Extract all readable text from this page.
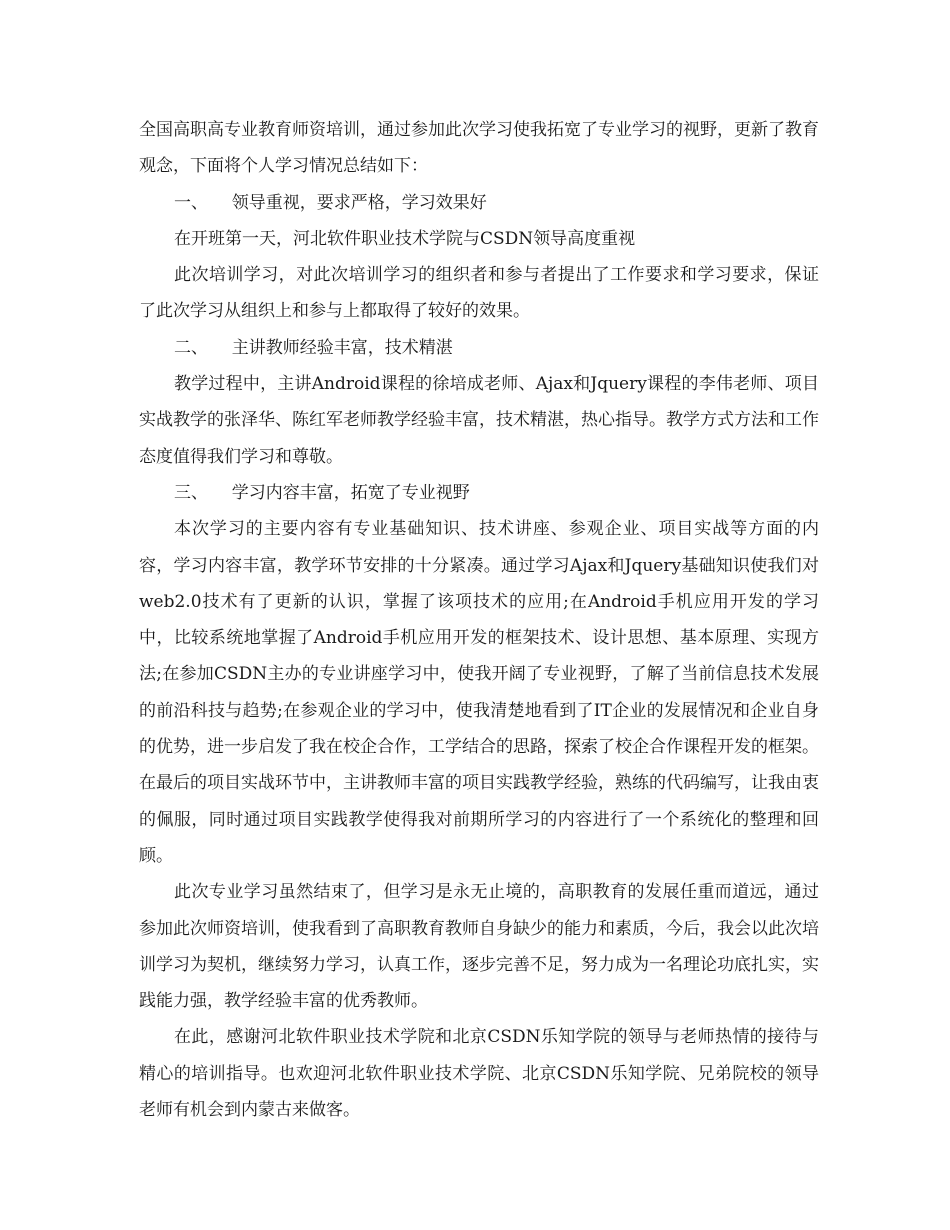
全国高职高专业教育师资培训，通过参加此次学习使我拓宽了专业学习的视野，更新了教育观念，下面将个人学习情况总结如下：

一、 领导重视，要求严格，学习效果好

在开班第一天，河北软件职业技术学院与CSDN领导高度重视

此次培训学习，对此次培训学习的组织者和参与者提出了工作要求和学习要求，保证了此次学习从组织上和参与上都取得了较好的效果。

二、 主讲教师经验丰富，技术精湛

教学过程中，主讲Android课程的徐培成老师、Ajax和Jquery课程的李伟老师、项目实战教学的张泽华、陈红军老师教学经验丰富，技术精湛，热心指导。教学方式方法和工作态度值得我们学习和尊敬。

三、 学习内容丰富，拓宽了专业视野

本次学习的主要内容有专业基础知识、技术讲座、参观企业、项目实战等方面的内容，学习内容丰富，教学环节安排的十分紧凑。通过学习Ajax和Jquery基础知识使我们对web2.0技术有了更新的认识，掌握了该项技术的应用;在Android手机应用开发的学习中，比较系统地掌握了Android手机应用开发的框架技术、设计思想、基本原理、实现方法;在参加CSDN主办的专业讲座学习中，使我开阔了专业视野，了解了当前信息技术发展的前沿科技与趋势;在参观企业的学习中，使我清楚地看到了IT企业的发展情况和企业自身的优势，进一步启发了我在校企合作，工学结合的思路，探索了校企合作课程开发的框架。在最后的项目实战环节中，主讲教师丰富的项目实践教学经验，熟练的代码编写，让我由衷的佩服，同时通过项目实践教学使得我对前期所学习的内容进行了一个系统化的整理和回顾。

此次专业学习虽然结束了，但学习是永无止境的，高职教育的发展任重而道远，通过参加此次师资培训，使我看到了高职教育教师自身缺少的能力和素质，今后，我会以此次培训学习为契机，继续努力学习，认真工作，逐步完善不足，努力成为一名理论功底扎实，实践能力强，教学经验丰富的优秀教师。

在此，感谢河北软件职业技术学院和北京CSDN乐知学院的领导与老师热情的接待与精心的培训指导。也欢迎河北软件职业技术学院、北京CSDN乐知学院、兄弟院校的领导老师有机会到内蒙古来做客。
